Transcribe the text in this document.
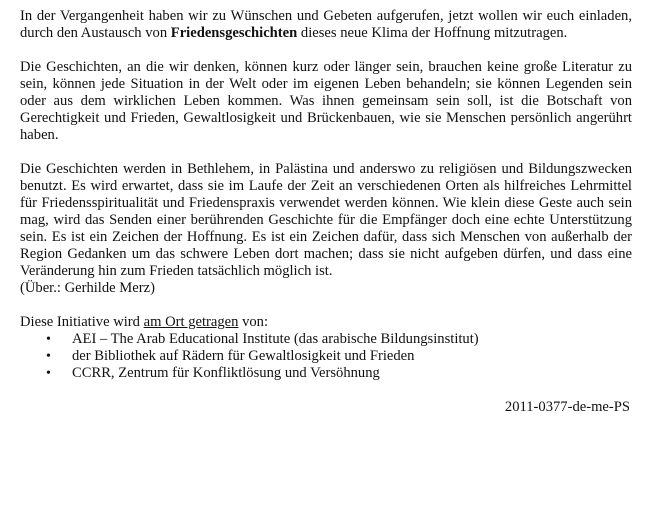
In der Vergangenheit haben wir zu Wünschen und Gebeten aufgerufen, jetzt wollen wir euch einladen, durch den Austausch von Friedensgeschichten dieses neue Klima der Hoffnung mitzutragen.

Die Geschichten, an die wir denken, können kurz oder länger sein, brauchen keine große Literatur zu sein, können jede Situation in der Welt oder im eigenen Leben behandeln; sie können Legenden sein oder aus dem wirklichen Leben kommen. Was ihnen gemeinsam sein soll, ist die Botschaft von Gerechtigkeit und Frieden, Gewaltlosigkeit und Brückenbauen, wie sie Menschen persönlich angerührt haben.

Die Geschichten werden in Bethlehem, in Palästina und anderswo zu religiösen und Bildungszwecken benutzt. Es wird erwartet, dass sie im Laufe der Zeit an verschiedenen Orten als hilfreiches Lehrmittel für Friedensspiritualität und Friedenspraxis verwendet werden können. Wie klein diese Geste auch sein mag, wird das Senden einer berührenden Geschichte für die Empfänger doch eine echte Unterstützung sein. Es ist ein Zeichen der Hoffnung. Es ist ein Zeichen dafür, dass sich Menschen von außerhalb der Region Gedanken um das schwere Leben dort machen; dass sie nicht aufgeben dürfen, und dass eine Veränderung hin zum Frieden tatsächlich möglich ist.

(Über.: Gerhilde Merz)

Diese Initiative wird am Ort getragen von:

• AEI – The Arab Educational Institute (das arabische Bildungsinstitut)
• der Bibliothek auf Rädern für Gewaltlosigkeit und Frieden
• CCRR, Zentrum für Konfliktlösung und Versöhnung

2011-0377-de-me-PS
